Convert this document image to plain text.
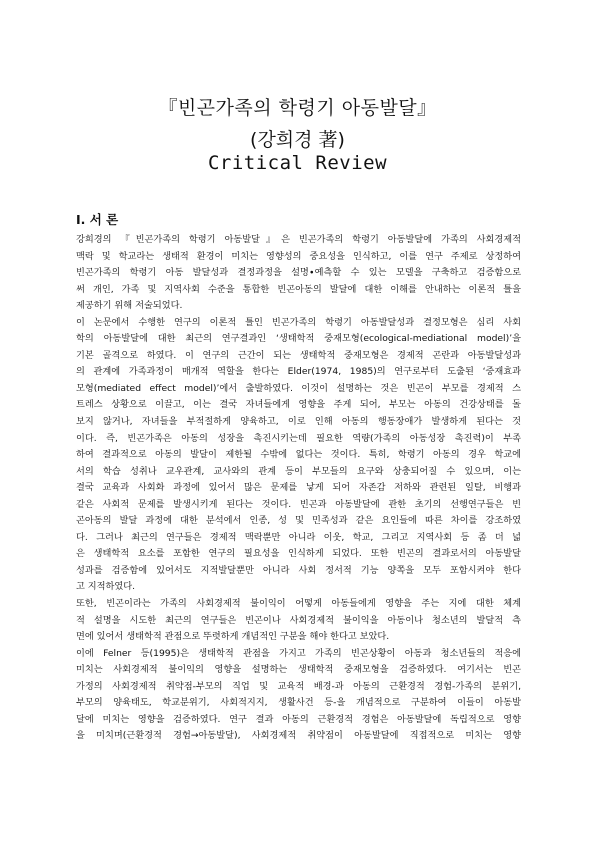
『빈곤가족의 학령기 아동발달』
(강희경 著)
Critical Review
Ⅰ. 서 론
강희경의 『빈곤가족의 학령기 아동발달』은 빈곤가족의 학령기 아동발달에 가족의 사회경제적
맥락 및 학교라는 생태적 환경이 미치는 영향성의 중요성을 인식하고, 이를 연구 주제로 상정하여
빈곤가족의 학령기 아동 발달성과 결정과정을 설명∙예측할 수 있는 모델을 구축하고 검증함으로
써 개인, 가족 및 지역사회 수준을 통합한 빈곤아동의 발달에 대한 이해를 안내하는 이론적 틀을
제공하기 위해 저술되었다.
이 논문에서 수행한 연구의 이론적 틀인 빈곤가족의 학령기 아동발달성과 결정모형은 심리 사회
학의 아동발달에 대한 최근의 연구결과인 ‘생태학적 중재모형(ecological-mediational model)’을
기본 골격으로 하였다. 이 연구의 근간이 되는 생태학적 중재모형은 경제적 곤란과 아동발달성과
의 관계에 가족과정이 매개적 역할을 한다는 Elder(1974, 1985)의 연구로부터 도출된 ‘중재효과
모형(mediated effect model)’에서 출발하였다. 이것이 설명하는 것은 빈곤이 부모를 경제적 스
트레스 상황으로 이끌고, 이는 결국 자녀들에게 영향을 주게 되어, 부모는 아동의 건강상태를 돌
보지 않거나, 자녀들을 부적절하게 양육하고, 이로 인해 아동의 행동장애가 발생하게 된다는 것
이다. 즉, 빈곤가족은 아동의 성장을 촉진시키는데 필요한 역량(가족의 아동성장 촉진력)이 부족
하여 결과적으로 아동의 발달이 제한될 수밖에 없다는 것이다. 특히, 학령기 아동의 경우 학교에
서의 학습 성취나 교우관계, 교사와의 관계 등이 부모들의 요구와 상충되어질 수 있으며, 이는
결국 교육과 사회화 과정에 있어서 많은 문제를 낳게 되어 자존감 저하와 관련된 일탈, 비행과
같은 사회적 문제를 발생시키게 된다는 것이다. 빈곤과 아동발달에 관한 초기의 선행연구들은 빈
곤아동의 발달 과정에 대한 분석에서 인종, 성 및 민족성과 같은 요인들에 따른 차이를 강조하였
다. 그러나 최근의 연구들은 경제적 맥락뿐만 아니라 이웃, 학교, 그리고 지역사회 등 좀 더 넓
은 생태학적 요소를 포함한 연구의 필요성을 인식하게 되었다. 또한 빈곤의 결과로서의 아동발달
성과를 검증함에 있어서도 지적발달뿐만 아니라 사회 정서적 기능 양쪽을 모두 포함시켜야 한다
고 지적하였다.
또한, 빈곤이라는 가족의 사회경제적 불이익이 어떻게 아동들에게 영향을 주는 지에 대한 체계
적 설명을 시도한 최근의 연구들은 빈곤이나 사회경제적 불이익을 아동이나 청소년의 발달적 측
면에 있어서 생태학적 관점으로 뚜렷하게 개념적인 구분을 해야 한다고 보았다.
이에 Felner 등(1995)은 생태학적 관점을 가지고 가족의 빈곤상황이 아동과 청소년들의 적응에
미치는 사회경제적 불이익의 영향을 설명하는 생태학적 중재모형을 검증하였다. 여기서는 빈곤
가정의 사회경제적 취약점-부모의 직업 및 교육적 배경-과 아동의 근환경적 경험-가족의 분위기,
부모의 양육태도, 학교분위기, 사회적지지, 생활사건 등-을 개념적으로 구분하여 이들이 아동발
달에 미치는 영향을 검증하였다. 연구 결과 아동의 근환경적 경험은 아동발달에 독립적으로 영향
을 미치며(근환경적 경험→아동발달), 사회경제적 취약점이 아동발달에 직접적으로 미치는 영향
